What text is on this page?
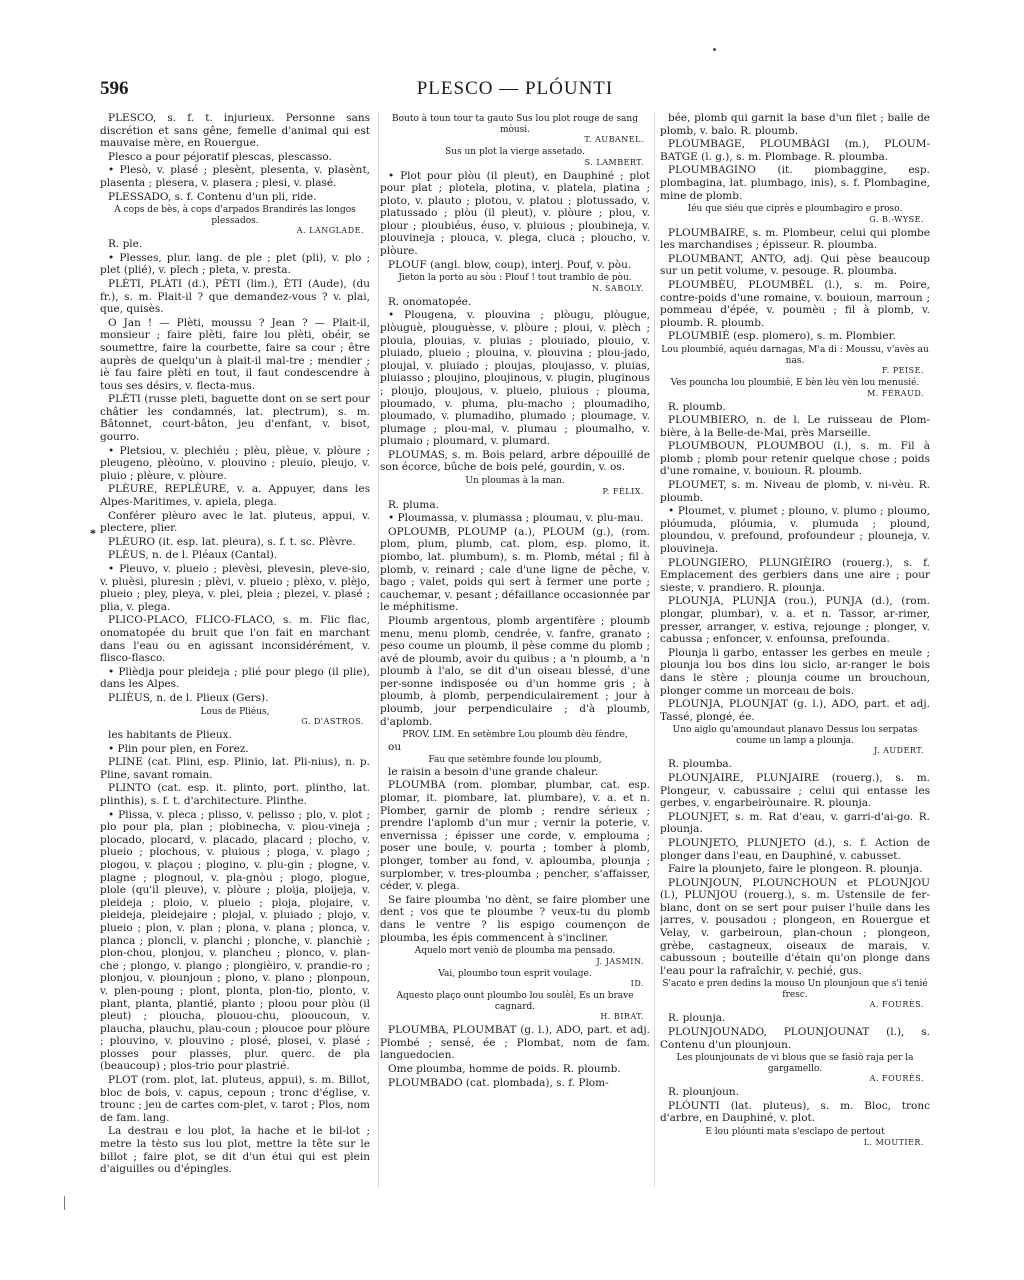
596	PLESCO — PLÓUNTI
*

PLESCO, s. f. t. injurieux. Personne sans discrétion et sans gêne, femelle d'animal qui est mauvaise mère, en Rouergue.

Plesco a pour péjoratif plescas, plescasso.

• Plesò, v. plasé ; plesènt, plesenta, v. plasènt, plasenta ; plesera, v. plasera ; plesi, v. plasé.

PLESSADO, s. f. Contenu d'un pli, ride.

A cops de bès, à cops d'arpados Brandirés las longos plessados.

A. LANGLADE.

R. ple.

• Plesses, plur. lang. de ple ; plet (pli), v. plo ; plet (plié), v. plech ; pleta, v. presta.

PLÈTI, PLÀTI (d.), PÈTI (lim.), ÈTI (Aude), (du fr.), s. m. Plait-il ? que demandez-vous ? v. plai, que, quisès.

O Jan ! — Plèti, moussu ? Jean ? — Plait-il, monsieur ; faire plèti, faire lou plèti, obéir, se soumettre, faire la courbette, faire sa cour ; être auprès de quelqu'un à plait-il mal-tre ; mendier ; iè fau faire plèti en tout, il faut condescendre à tous ses désirs, v. flecta-mus.

PLÈTI (russe pleti, baguette dont on se sert pour châtier les condamnés, lat. plectrum), s. m. Bâtonnet, court-bâton, jeu d'enfant, v. bisot, gourro.

• Pletsiou, v. plechiéu ; plèu, plèue, v. plòure ; pleugeno, plèoùno, v. plouvino ; pleuio, pleujo, v. pluio ; plèure, v. plòure.

PLÈURE, REPLÈURE, v. a. Appuyer, dans les Alpes-Maritimes, v. apiela, plega.

Conférer plèuro avec le lat. pluteus, appui, v. plectere, plier.

PLÈURO (it. esp. lat. pleura), s. f. t. sc. Plèvre.

PLÈUS, n. de l. Pléaux (Cantal).

• Pleuvo, v. plueio ; plevèsi, plevesin, pleve-sio, v. pluèsi, pluresin ; plèvi, v. plueio ; plèxo, v. plèjo, plueio ; pley, pleya, v. plei, pleia ; plezei, v. plasé ; plia, v. plega.

PLICO-PLACO, FLICO-FLACO, s. m. Flic flac, onomatopée du bruit que l'on fait en marchant dans l'eau ou en agissant inconsidérément, v. flisco-flasco.

• Plièdja pour pleideja ; plié pour plego (il plie), dans les Alpes.

PLIÈUS, n. de l. Plieux (Gers).

Lous de Pliéus,

G. D'ASTROS.

les habitants de Plieux.

• Plin pour plen, en Forez.

PLINE (cat. Plini, esp. Plinio, lat. Pli-nius), n. p. Pline, savant romain.

PLINTO (cat. esp. it. plinto, port. plintho, lat. plinthis), s. f. t. d'architecture. Plinthe.

• Plissa, v. pleca ; plisso, v. pelisso ; plo, v. plot ; plo pour pla, plan ; plobinecha, v. plou-vineja ; plocado, plocard, v. placado, placard ; plocho, v. plueio ; plochous, v. pluious ; ploga, v. plago ; plogou, v. plaçou ; plogino, v. plu-gin ; plogne, v. plagne ; plognoul, v. pla-gnòu ; plogo, plogue, plole (qu'il pleuve), v. plòure ; ploija, ploijeja, v. pleideja ; ploio, v. plueio ; ploja, plojaire, v. pleideja, pleidejaire ; plojal, v. pluiado ; plojo, v. plueio ; plon, v. plan ; plona, v. plana ; plonca, v. planca ; ploncli, v. planchi ; plonche, v. planchiè ; plon-chou, plonjou, v. plancheu ; plonco, v. plan-che ; plongo, v. plango ; plongièiro, v. prandie-ro ; plonjou, v. plounjoun ; plono, v. plano ; plonpoun, v. plen-poung ; plont, plonta, plon-tio, plonto, v. plant, planta, plantié, planto ; ploou pour plòu (il pleut) ; ploucha, plouou-chu, plooucoun, v. plaucha, plauchu, plau-coun ; ploucoe pour plòure ; plouvino, v. plouvino ; plosé, plosei, v. plasé ; plosses pour plasses, plur. querc. de pla (beaucoup) ; plos-trio pour plastrié.

PLOT (rom. plot, lat. pluteus, appui), s. m. Billot, bloc de bois, v. capus, cepoun ; tronc d'église, v. trounc ; jeu de cartes com-plet, v. tarot ; Plos, nom de fam. lang.

La destrau e lou plot, la hache et le bil-lot ; metre la tèsto sus lou plot, mettre la tête sur le billot ; faire plot, se dit d'un étui qui est plein d'aiguilles ou d'épingles.

Bouto à toun tour ta gauto Sus lou plot rouge de sang mòusi.

T. AUBANEL.

Sus un plot la vierge assetado.

S. LAMBERT.

• Plot pour plòu (il pleut), en Dauphiné ; plot pour plat ; plotela, plotina, v. platela, platina ; ploto, v. plauto ; plotou, v. platou ; plotussado, v. platussado ; plòu (il pleut), v. plòure ; plou, v. plour ; ploubiéus, éuso, v. pluious ; ploubineja, v. plouvineja ; plouca, v. plega, cluca ; ploucho, v. plòure.

PLOUF (angl. blow, coup), interj. Pouf, v. pòu.

Jieton la porto au sòu : Plouf ! tout tramblo de pòu.

N. SABOLY.

R. onomatopée.

• Plougena, v. plouvina ; plòugu, plòugue, plòuguè, plouguèsse, v. plòure ; ploui, v. plèch ; plouia, plouias, v. pluias ; plouiado, plouio, v. pluiado, plueio ; plouina, v. plouvina ; plou-jado, ploujal, v. pluiado ; ploujas, ploujasso, v. pluias, pluiasso ; ploujino, ploujinous, v. plugin, pluginous ; ploujo, ploujous, v. plueio, pluious ; plouma, ploumado, v. pluma, plu-macho ; ploumadiho, ploumado, v. plumadiho, plumado ; ploumage, v. plumage ; plou-mal, v. plumau ; ploumalho, v. plumaio ; ploumard, v. plumard.

PLOUMAS, s. m. Bois pelard, arbre dépouillé de son écorce, bûche de bois pelé, gourdin, v. os.

Un ploumas à la man.

P. FÉLIX.

R. pluma.

• Ploumassa, v. plumassa ; ploumau, v. plu-mau.

OPLOUMB, PLOUMP (a.), PLOUM (g.), (rom. plom, plum, plumb, cat. plom, esp. plomo, it. piombo, lat. plumbum), s. m. Plomb, métal ; fil à plomb, v. reinard ; cale d'une ligne de pêche, v. bago ; valet, poids qui sert à fermer une porte ; cauchemar, v. pesant ; défaillance occasionnée par le méphitisme.

Ploumb argentous, plomb argentifère ; ploumb menu, menu plomb, cendrée, v. fanfre, granato ; peso coume un ploumb, il pèse comme du plomb ; avé de ploumb, avoir du quibus ; a 'n ploumb, a 'n ploumb à l'alo, se dit d'un oiseau blessé, d'une per-sonne indisposée ou d'un homme gris ; à ploumb, à plomb, perpendiculairement ; jour à ploumb, jour perpendiculaire ; d'à ploumb, d'aplomb.

PROV. LIM. En setèmbre Lou ploumb dèu fèndre,

ou

Fau que setèmbre founde lou ploumb,

le raisin a besoin d'une grande chaleur.

PLOUMBA (rom. plombar, plumbar, cat. esp. plomar, it. piombare, lat. plumbare), v. a. et n. Plomber, garnir de plomb ; rendre sérieux ; prendre l'aplomb d'un mur ; vernir la poterie, v. envernissa ; épisser une corde, v. emplouma ; poser une boule, v. pourta ; tomber à plomb, plonger, tomber au fond, v. aploumba, plounja ; surplomber, v. tres-ploumba ; pencher, s'affaisser, céder, v. plega.

Se faire ploumba 'no dènt, se faire plomber une dent ; vos que te ploumbe ? veux-tu du plomb dans le ventre ? lis espigo coumençon de ploumba, les épis commencent à s'incliner.

Aquelo mort veniò de ploumba ma pensado.

J. JASMIN.

Vai, ploumbo toun esprit voulage.

ID.

Aquesto plaço ount ploumbo lou soulèl, Es un brave cagnard.

H. BIRAT.

PLOUMBA, PLOUMBAT (g. l.), ADO, part. et adj. Plombé ; sensé, ée ; Plombat, nom de fam. languedocien.

Ome ploumba, homme de poids. R. ploumb.

PLOUMBADO (cat. plombada), s. f. Plom-

bée, plomb qui garnit la base d'un filet ; balle de plomb, v. balo. R. ploumb.

PLOUMBAGE, PLOUMBÀGI (m.), PLOUM-BATGE (l. g.), s. m. Plombage. R. ploumba.

PLOUMBAGINO (it. piombaggine, esp. plombagina, lat. plumbago, inis), s. f. Plombagine, mine de plomb.

Iéu que siéu que ciprès e ploumbagiro e proso.

G. B.-WYSE.

PLOUMBAIRE, s. m. Plombeur, celui qui plombe les marchandises ; épisseur. R. ploumba.

PLOUMBANT, ANTO, adj. Qui pèse beaucoup sur un petit volume, v. pesouge. R. ploumba.

PLOUMBÈU, PLOUMBÈL (l.), s. m. Poire, contre-poids d'une romaine, v. bouioun, marroun ; pommeau d'épée, v. poumèu ; fil à plomb, v. ploumb. R. ploumb.

PLOUMBIÉ (esp. plomero), s. m. Plombier.

Lou ploumbié, aquéu darnagas, M'a di : Moussu, v'avès au nas.

F. PEISE.

Ves pouncha lou ploumbié, E bèn lèu vèn lou menusié.

M. FÉRAUD.

R. ploumb.

PLOUMBIERO, n. de l. Le ruisseau de Plom-bière, à la Belle-de-Mai, près Marseille.

PLOUMBOUN, PLOUMBOU (l.), s. m. Fil à plomb ; plomb pour retenir quelque chose ; poids d'une romaine, v. bouioun. R. ploumb.

PLOUMET, s. m. Niveau de plomb, v. ni-vèu. R. ploumb.

• Ploumet, v. plumet ; plouno, v. plumo ; ploumo, plóumuda, plóumia, v. plumuda ; plound, ploundou, v. prefound, profoundeur ; plouneja, v. plouvineja.

PLOUNGIERO, PLUNGIÈIRO (rouerg.), s. f. Emplacement des gerbiers dans une aire ; pour sieste, v. prandiero. R. plounja.

PLOUNJA, PLUNJA (rou.), PUNJA (d.), (rom. plongar, plumbar), v. a. et n. Tassor, ar-rimer, presser, arranger, v. estiva, rejounge ; plonger, v. cabussa ; enfoncer, v. enfounsa, prefounda.

Plounja li garbo, entasser les gerbes en meule ; plounja lou bos dins lou siclo, ar-ranger le bois dans le stère ; plounja coume un brouchoun, plonger comme un morceau de bois.

PLOUNJA, PLOUNJAT (g. l.), ADO, part. et adj. Tassé, plongé, ée.

Uno aiglo qu'amoundaut planavo Dessus lou serpatas coume un lamp a plounja.

J. AUDERT.

R. ploumba.

PLOUNJAIRE, PLUNJAIRE (rouerg.), s. m. Plongeur, v. cabussaire ; celui qui entasse les gerbes, v. engarbeiròunaire. R. plounja.

PLOUNJET, s. m. Rat d'eau, v. garri-d'ai-go. R. plounja.

PLOUNJETO, PLUNJETO (d.), s. f. Action de plonger dans l'eau, en Dauphiné, v. cabusset.

Faire la plounjeto, faire le plongeon. R. plounja.

PLOUNJOUN, PLOUNCHOUN et PLOUNJOU (l.), PLUNJOU (rouerg.), s. m. Ustensile de fer-blanc, dont on se sert pour puiser l'huile dans les jarres, v. pousadou ; plongeon, en Rouergue et Velay, v. garbeiroun, plan-choun ; plongeon, grèbe, castagneux, oiseaux de marais, v. cabussoun ; bouteille d'étain qu'on plonge dans l'eau pour la rafraîchir, v. pechié, gus.

S'acato e pren dedins la mouso Un plounjoun que s'i tenié fresc.

A. FOURÈS.

R. plounja.

PLOUNJOUNADO, PLOUNJOUNAT (l.), s. Contenu d'un plounjoun.

Les plounjounats de vi blous que se fasiò raja per la gargamello.

A. FOURÈS.

R. plounjoun.

PLÓUNTI (lat. pluteus), s. m. Bloc, tronc d'arbre, en Dauphiné, v. plot.

E lou plóunti mata s'esclapo de pertout

L. MOUTIER.
